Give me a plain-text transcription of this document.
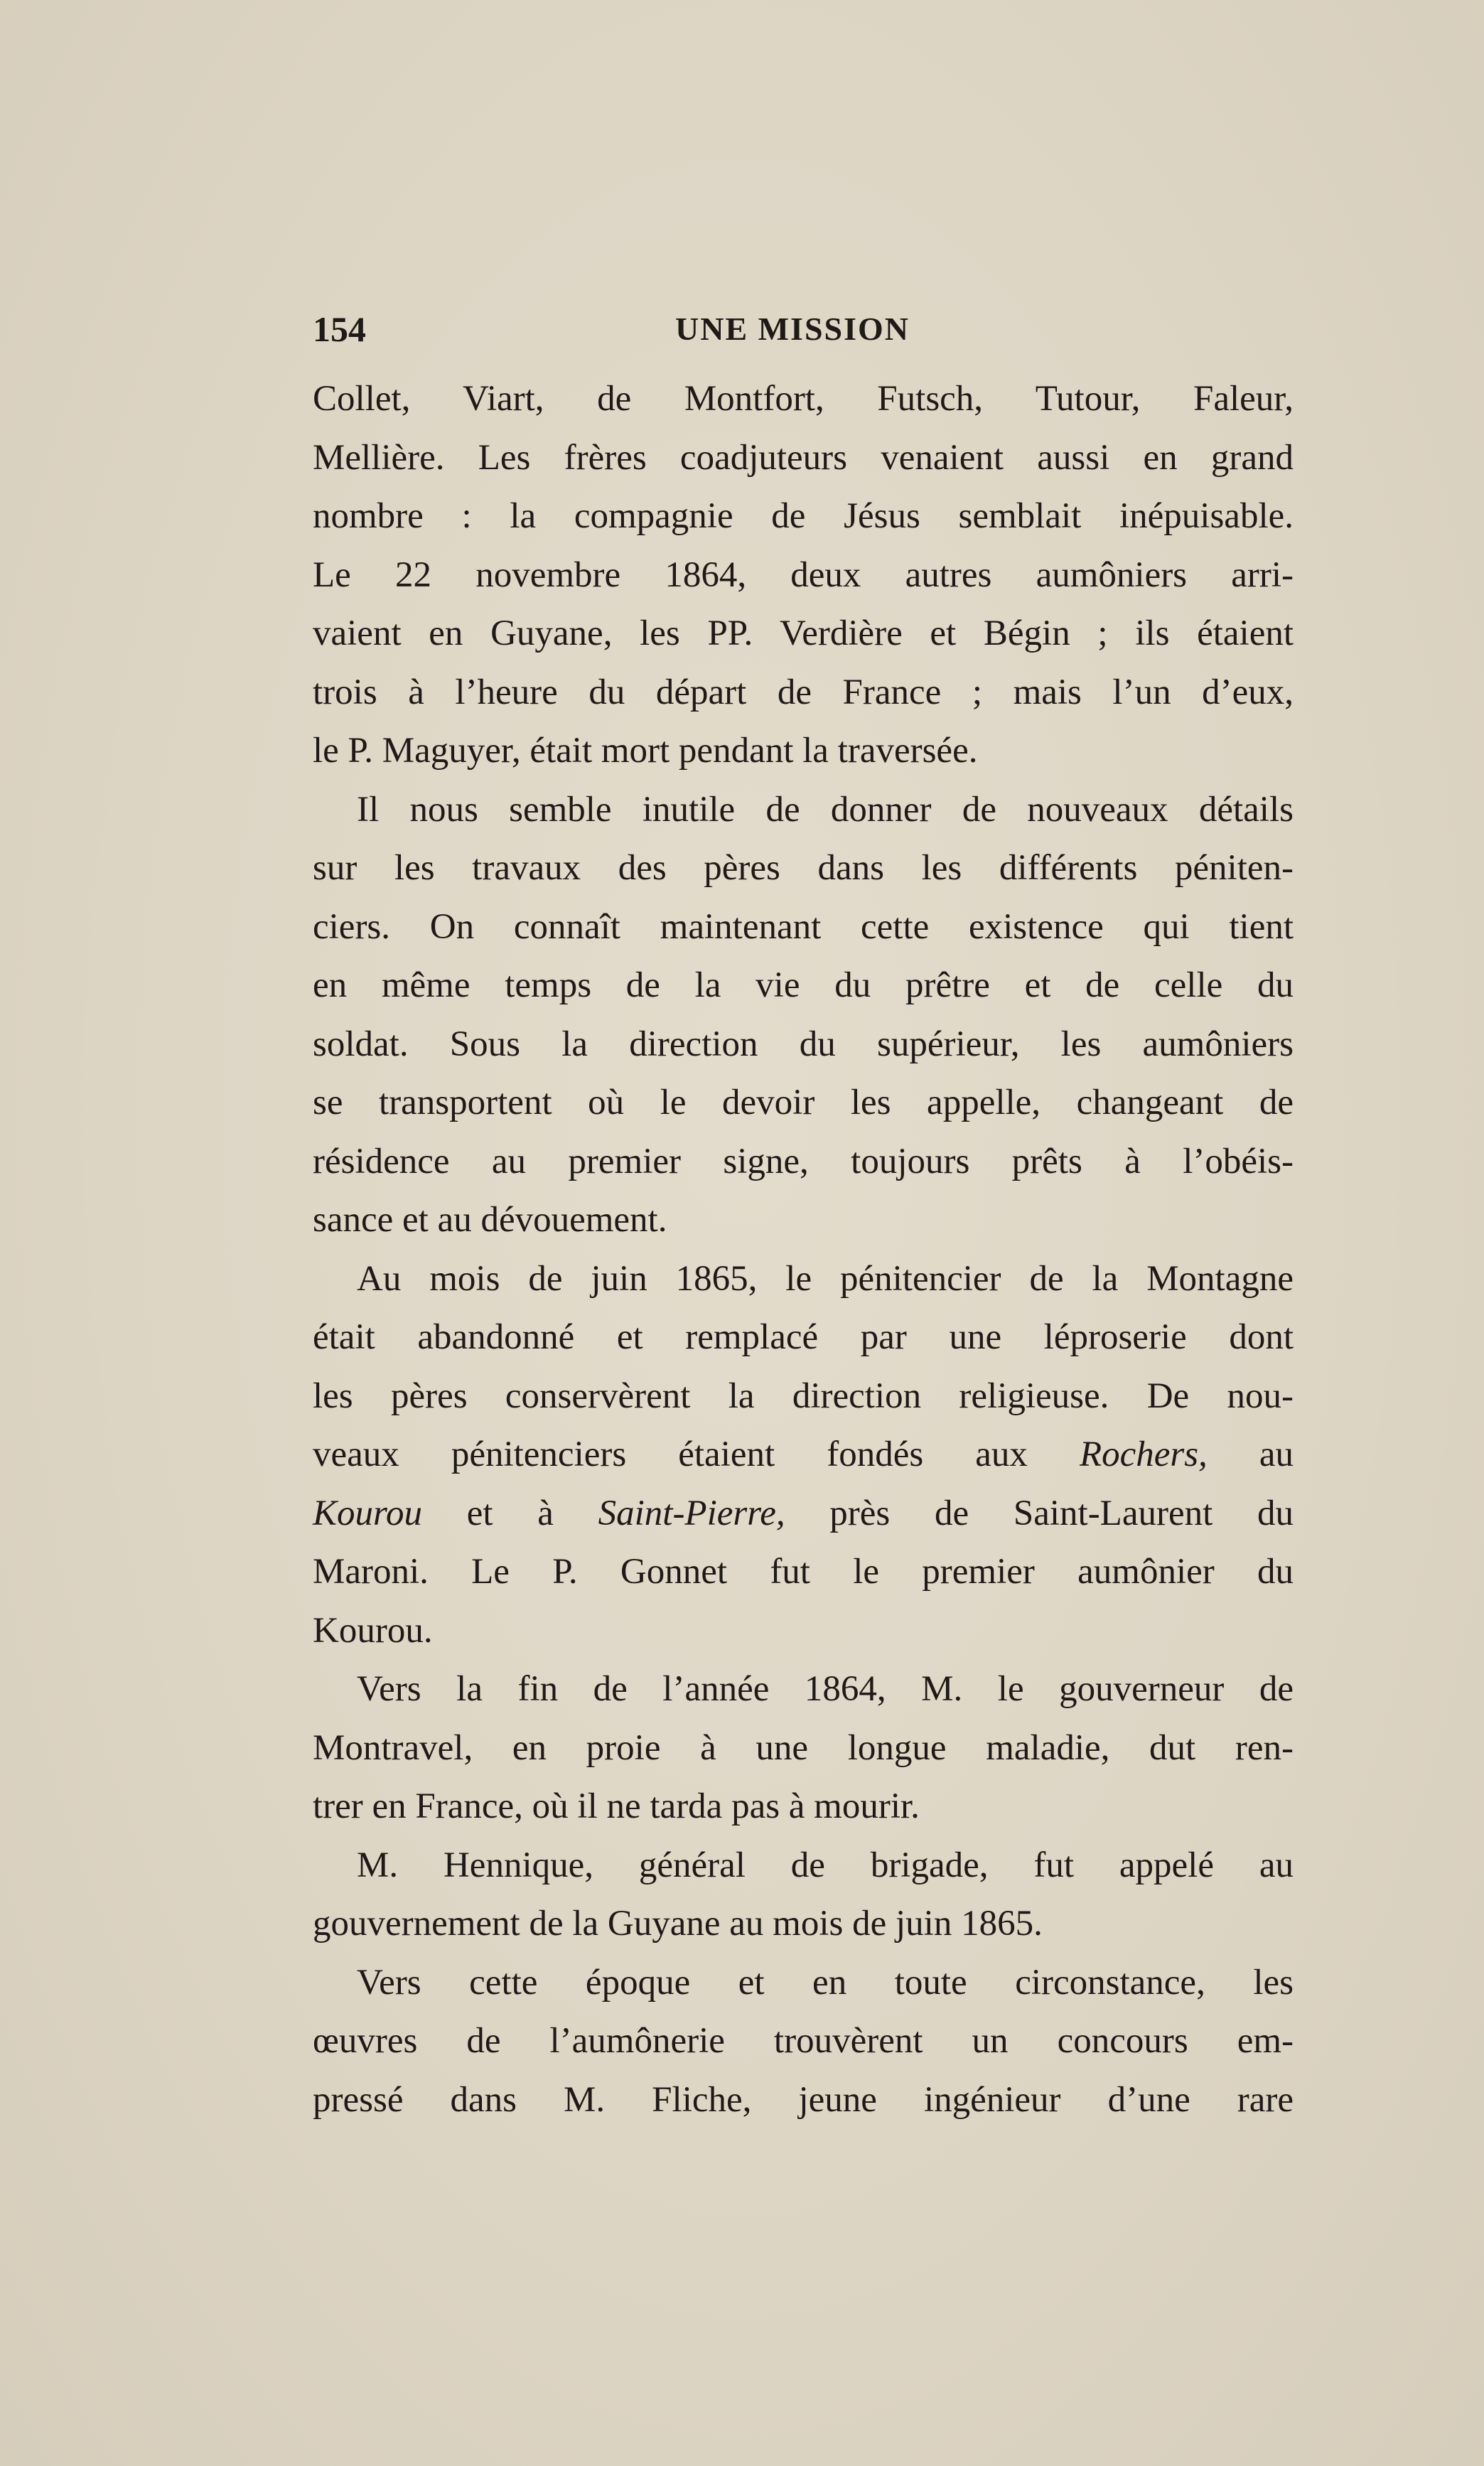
154	UNE MISSION
Collet, Viart, de Montfort, Futsch, Tutour, Faleur,
Mellière. Les frères coadjuteurs venaient aussi en grand
nombre : la compagnie de Jésus semblait inépuisable.
Le 22 novembre 1864, deux autres aumôniers arri-
vaient en Guyane, les PP. Verdière et Bégin ; ils étaient
trois à l’heure du départ de France ; mais l’un d’eux,
le P. Maguyer, était mort pendant la traversée.
Il nous semble inutile de donner de nouveaux détails
sur les travaux des pères dans les différents péniten-
ciers. On connaît maintenant cette existence qui tient
en même temps de la vie du prêtre et de celle du
soldat. Sous la direction du supérieur, les aumôniers
se transportent où le devoir les appelle, changeant de
résidence au premier signe, toujours prêts à l’obéis-
sance et au dévouement.
Au mois de juin 1865, le pénitencier de la Montagne
était abandonné et remplacé par une léproserie dont
les pères conservèrent la direction religieuse. De nou-
veaux pénitenciers étaient fondés aux Rochers, au
Kourou et à Saint-Pierre, près de Saint-Laurent du
Maroni. Le P. Gonnet fut le premier aumônier du
Kourou.
Vers la fin de l’année 1864, M. le gouverneur de
Montravel, en proie à une longue maladie, dut ren-
trer en France, où il ne tarda pas à mourir.
M. Hennique, général de brigade, fut appelé au
gouvernement de la Guyane au mois de juin 1865.
Vers cette époque et en toute circonstance, les
œuvres de l’aumônerie trouvèrent un concours em-
pressé dans M. Fliche, jeune ingénieur d’une rare
